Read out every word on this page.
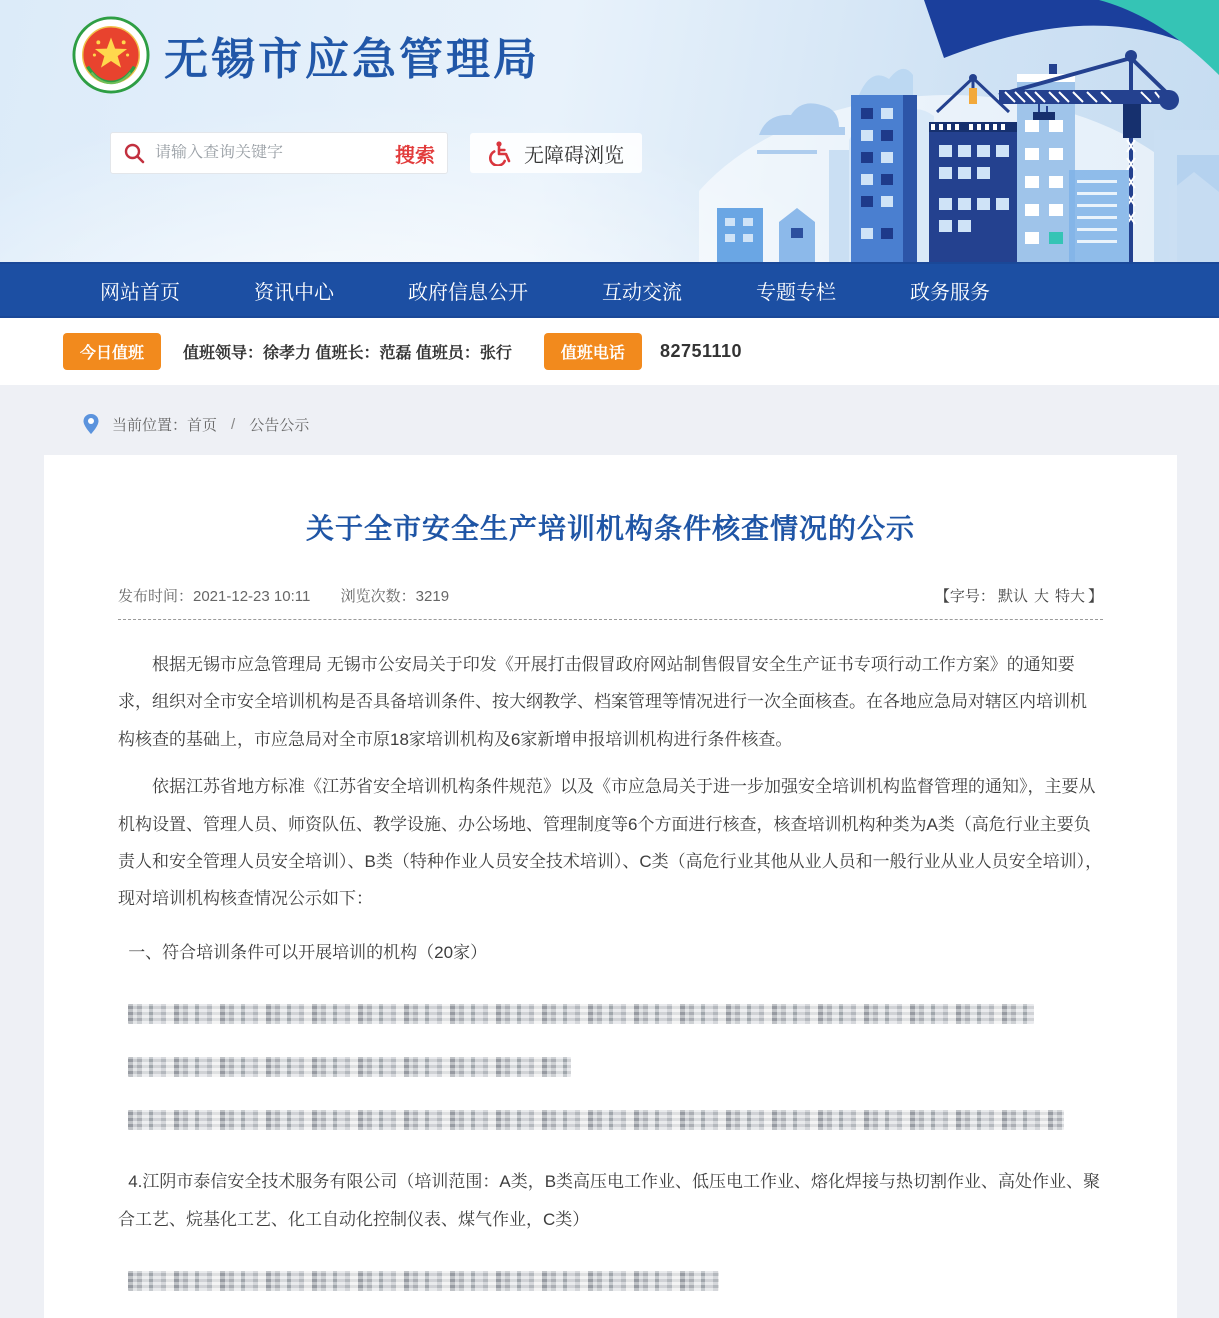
无锡市应急管理局
请输入查询关键字
搜索	无障碍浏览
网站首页	资讯中心	政府信息公开	互动交流	专题专栏	政务服务
今日值班	值班领导：徐孝力 值班长：范磊 值班员：张行	值班电话	82751110
当前位置： 首页 / 公告公示
关于全市安全生产培训机构条件核查情况的公示
发布时间：2021-12-23 10:11 浏览次数：3219	【字号： 默认 大 特大 】

根据无锡市应急管理局 无锡市公安局关于印发《开展打击假冒政府网站制售假冒安全生产证书专项行动工作方案》的通知要求，组织对全市安全培训机构是否具备培训条件、按大纲教学、档案管理等情况进行一次全面核查。在各地应急局对辖区内培训机构核查的基础上，市应急局对全市原18家培训机构及6家新增申报培训机构进行条件核查。

依据江苏省地方标准《江苏省安全培训机构条件规范》以及《市应急局关于进一步加强安全培训机构监督管理的通知》，主要从机构设置、管理人员、师资队伍、教学设施、办公场地、管理制度等6个方面进行核查，核查培训机构种类为A类（高危行业主要负责人和安全管理人员安全培训）、B类（特种作业人员安全技术培训）、C类（高危行业其他从业人员和一般行业从业人员安全培训），现对培训机构核查情况公示如下：

一、符合培训条件可以开展培训的机构（20家）

4.江阴市泰信安全技术服务有限公司（培训范围：A类，B类高压电工作业、低压电工作业、熔化焊接与热切割作业、高处作业、聚合工艺、烷基化工艺、化工自动化控制仪表、煤气作业，C类）
